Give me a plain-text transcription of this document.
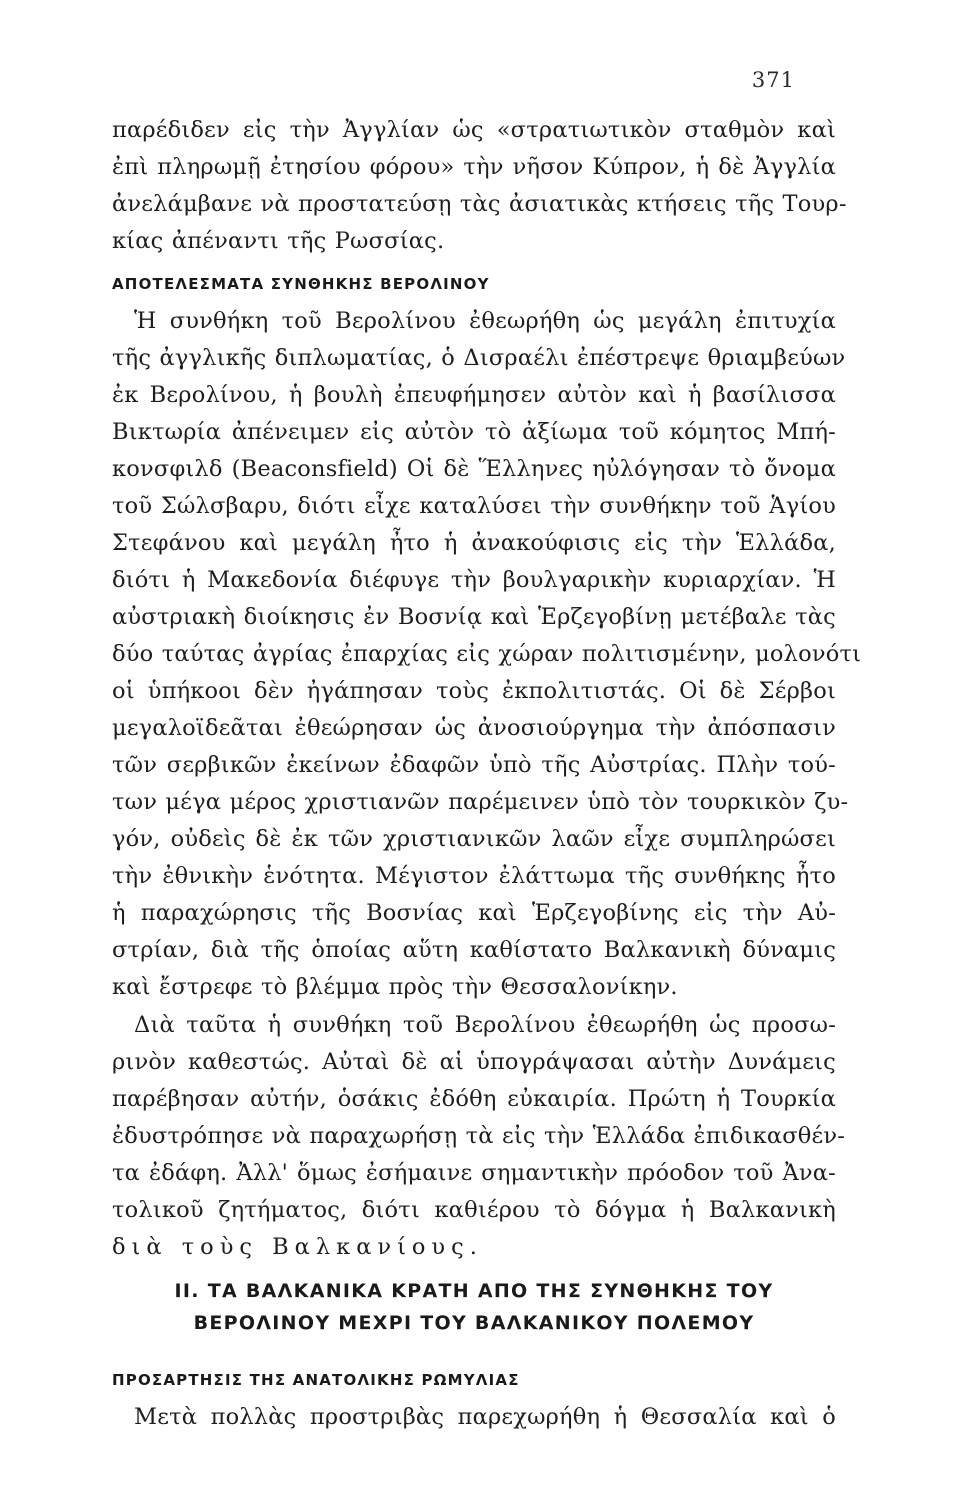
371
παρέδιδεν εἰς τὴν Ἀγγλίαν ὡς «στρατιωτικὸν σταθμὸν καὶ
ἐπὶ πληρωμῇ ἐτησίου φόρου» τὴν νῆσον Κύπρον, ἡ δὲ Ἀγγλία
ἀνελάμβανε νὰ προστατεύσῃ τὰς ἀσιατικὰς κτήσεις τῆς Τουρ-
κίας ἀπέναντι τῆς Ρωσσίας.
ΑΠΟΤΕΛΕΣΜΑΤΑ ΣΥΝΘΗΚΗΣ ΒΕΡΟΛΙΝΟΥ
Ἡ συνθήκη τοῦ Βερολίνου ἐθεωρήθη ὡς μεγάλη ἐπιτυχία
τῆς ἀγγλικῆς διπλωματίας, ὁ Δισραέλι ἐπέστρεψε θριαμβεύων
ἐκ Βερολίνου, ἡ βουλὴ ἐπευφήμησεν αὐτὸν καὶ ἡ βασίλισσα
Βικτωρία ἀπένειμεν εἰς αὐτὸν τὸ ἀξίωμα τοῦ κόμητος Μπή-
κονσφιλδ (Beaconsfield) Οἱ δὲ Ἕλληνες ηὐλόγησαν τὸ ὄνομα
τοῦ Σώλσβαρυ, διότι εἶχε καταλύσει τὴν συνθήκην τοῦ Ἁγίου
Στεφάνου καὶ μεγάλη ἦτο ἡ ἀνακούφισις εἰς τὴν Ἑλλάδα,
διότι ἡ Μακεδονία διέφυγε τὴν βουλγαρικὴν κυριαρχίαν. Ἡ
αὐστριακὴ διοίκησις ἐν Βοσνίᾳ καὶ Ἑρζεγοβίνῃ μετέβαλε τὰς
δύο ταύτας ἀγρίας ἐπαρχίας εἰς χώραν πολιτισμένην, μολονότι
οἱ ὑπήκοοι δὲν ἠγάπησαν τοὺς ἐκπολιτιστάς. Οἱ δὲ Σέρβοι
μεγαλοϊδεᾶται ἐθεώρησαν ὡς ἀνοσιούργημα τὴν ἀπόσπασιν
τῶν σερβικῶν ἐκείνων ἐδαφῶν ὑπὸ τῆς Αὐστρίας. Πλὴν τού-
των μέγα μέρος χριστιανῶν παρέμεινεν ὑπὸ τὸν τουρκικὸν ζυ-
γόν, οὐδεὶς δὲ ἐκ τῶν χριστιανικῶν λαῶν εἶχε συμπληρώσει
τὴν ἐθνικὴν ἑνότητα. Μέγιστον ἐλάττωμα τῆς συνθήκης ἦτο
ἡ παραχώρησις τῆς Βοσνίας καὶ Ἑρζεγοβίνης εἰς τὴν Αὐ-
στρίαν, διὰ τῆς ὁποίας αὕτη καθίστατο Βαλκανικὴ δύναμις
καὶ ἔστρεφε τὸ βλέμμα πρὸς τὴν Θεσσαλονίκην.
Διὰ ταῦτα ἡ συνθήκη τοῦ Βερολίνου ἐθεωρήθη ὡς προσω-
ρινὸν καθεστώς. Αὐταὶ δὲ αἱ ὑπογράψασαι αὐτὴν Δυνάμεις
παρέβησαν αὐτήν, ὁσάκις ἐδόθη εὐκαιρία. Πρώτη ἡ Τουρκία
ἐδυστρόπησε νὰ παραχωρήσῃ τὰ εἰς τὴν Ἑλλάδα ἐπιδικασθέν-
τα ἐδάφη. Ἀλλ' ὅμως ἐσήμαινε σημαντικὴν πρόοδον τοῦ Ἀνα-
τολικοῦ ζητήματος, διότι καθιέρου τὸ δόγμα ἡ Βαλκανικὴ
διὰ τοὺς Βαλκανίους.
ΙΙ. ΤΑ ΒΑΛΚΑΝΙΚΑ ΚΡΑΤΗ ΑΠΟ ΤΗΣ ΣΥΝΘΗΚΗΣ ΤΟΥ
ΒΕΡΟΛΙΝΟΥ ΜΕΧΡΙ ΤΟΥ ΒΑΛΚΑΝΙΚΟΥ ΠΟΛΕΜΟΥ
ΠΡΟΣΑΡΤΗΣΙΣ ΤΗΣ ΑΝΑΤΟΛΙΚΗΣ ΡΩΜΥΛΙΑΣ
Μετὰ πολλὰς προστριβὰς παρεχωρήθη ἡ Θεσσαλία καὶ ὁ
